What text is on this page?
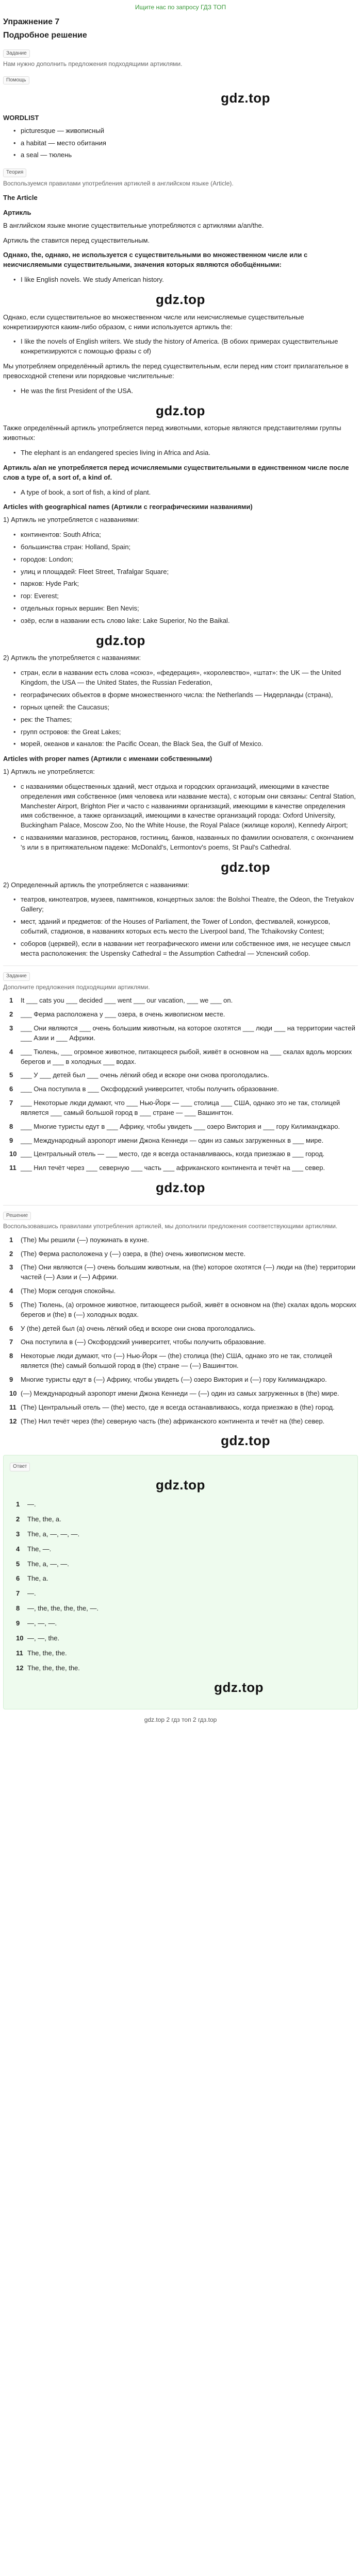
Ищите нас по запросу ГДЗ ТОП
Упражнение 7
Подробное решение
Задание
Нам нужно дополнить предложения подходящими артиклями.
Помощь
gdz.top
WORDLIST
• picturesque — живописный
• a habitat — место обитания
• a seal — тюлень
Теория
Воспользуемся правилами употребления артиклей в английском языке (Article).
The Article
Артикль

В английском языке многие существительные употребляются с артиклями a/an/the.

Артикль the ставится перед существительным.

Однако, the, однако, не используется с существительными во множественном числе или с неисчисляемыми существительными, значения которых являются обобщёнными:

• I like English novels. We study American history.
gdz.top

Однако, если существительное во множественном числе или неисчисляемые существительные конкретизируются каким-либо образом, с ними используется артикль the:

• I like the novels of English writers. We study the history of America. (В обоих примерах существительные конкретизируются с помощью фразы с of)

Мы употребляем определённый артикль the перед существительным, если перед ним стоит прилагательное в превосходной степени или порядковые числительные:

• He was the first President of the USA.
gdz.top

Также определённый артикль употребляется перед животными, которые являются представителями группы животных:

• The elephant is an endangered species living in Africa and Asia.

Артикль a/an не употребляется перед исчисляемыми существительными в единственном числе после слов a type of, a sort of, a kind of.

• A type of book, a sort of fish, a kind of plant.
Articles with geographical names (Артикли с географическими названиями)

1) Артикль не употребляется с названиями:

• континентов: South Africa;
• большинства стран: Holland, Spain;
• городов: London;
• улиц и площадей: Fleet Street, Trafalgar Square;
• парков: Hyde Park;
• гор: Everest;
• отдельных горных вершин: Ben Nevis;
• озёр, если в названии есть слово lake: Lake Superior, No the Baikal.
gdz.top

2) Артикль the употребляется с названиями:

• стран, если в названии есть слова «союз», «федерация», «королевство», «штат»: the UK — the United Kingdom, the USA — the United States, the Russian Federation,
• географических объектов в форме множественного числа: the Netherlands — Нидерланды (страна),
• горных цепей: the Caucasus;
• рек: the Thames;
• групп островов: the Great Lakes;
• морей, океанов и каналов: the Pacific Ocean, the Black Sea, the Gulf of Mexico.
Articles with proper names (Артикли с именами собственными)

1) Артикль не употребляется:

• с названиями общественных зданий, мест отдыха и городских организаций, имеющими в качестве определения имя собственное (имя человека или название места), с которым они связаны: Central Station, Manchester Airport, Brighton Pier и часто с названиями организаций, имеющими в качестве определения имя собственное, а также организаций, имеющими в качестве организаций города: Oxford University, Buckingham Palace, Moscow Zoo, No the White House, the Royal Palace (жилище короля), Kennedy Airport;
• с названиями магазинов, ресторанов, гостиниц, банков, названных по фамилии основателя, с окончанием 's или s в притяжательном падеже: McDonald's, Lermontov's poems, St Paul's Cathedral.
gdz.top

2) Определенный артикль the употребляется с названиями:

• театров, кинотеатров, музеев, памятников, концертных залов: the Bolshoi Theatre, the Odeon, the Tretyakov Gallery;
• мест, зданий и предметов: of the Houses of Parliament, the Tower of London, фестивалей, конкурсов, событий, стадионов, в названиях которых есть место the Liverpool band, The Tchaikovsky Contest;
• соборов (церквей), если в названии нет географического имени или собственное имя, не несущее смысл места расположения: the Uspensky Cathedral = the Assumption Cathedral — Успенский собор.
Задание
Дополните предложения подходящими артиклями.
1 It ___ cats you ___ decided ___ went ___ our vacation, ___ we ___ on.
2 ___ Ферма расположена у ___ озера, в очень живописном месте.
3 ___ Они являются ___ очень большим животным, на которое охотятся ___ люди ___ на территории частей ___ Азии и ___ Африки.
4 ___ Тюлень, ___ огромное животное, питающееся рыбой, живёт в основном на ___ скалах вдоль морских берегов и ___ в холодных ___ водах.
5 ___ У ___ детей был ___ очень лёгкий обед и вскоре они снова проголодались.
6 ___ Она поступила в ___ Оксфордский университет, чтобы получить образование.
7 ___ Некоторые люди думают, что ___ Нью-Йорк — ___ столица ___ США, однако это не так, столицей является ___ самый большой город в ___ стране — ___ Вашингтон.
8 ___ Многие туристы едут в ___ Африку, чтобы увидеть ___ озеро Виктория и ___ гору Килиманджаро.
9 ___ Международный аэропорт имени Джона Кеннеди — один из самых загруженных в ___ мире.
10 ___ Центральный отель — ___ место, где я всегда останавливаюсь, когда приезжаю в ___ город.
11 ___ Нил течёт через ___ северную ___ часть ___ африканского континента и течёт на ___ север.
gdz.top
Решение
Воспользовавшись правилами употребления артиклей, мы дополнили предложения соответствующими артиклями.
1 (The) Мы решили (—) поужинать в кухне.
2 (The) Ферма расположена у (—) озера, в (the) очень живописном месте.
3 (The) Они являются (—) очень большим животным, на (the) которое охотятся (—) люди на (the) территории частей (—) Азии и (—) Африки.
4 (The) Морж сегодня спокойны.
5 (The) Тюлень, (a) огромное животное, питающееся рыбой, живёт в основном на (the) скалах вдоль морских берегов и (the) в (—) холодных водах.
6 У (the) детей был (a) очень лёгкий обед и вскоре они снова проголодались.
7 Она поступила в (—) Оксфордский университет, чтобы получить образование.
8 Некоторые люди думают, что (—) Нью-Йорк — (the) столица (the) США, однако это не так, столицей является (the) самый большой город в (the) стране — (—) Вашингтон.
9 Многие туристы едут в (—) Африку, чтобы увидеть (—) озеро Виктория и (—) гору Килиманджаро.
10 (—) Международный аэропорт имени Джона Кеннеди — (—) один из самых загруженных в (the) мире.
11 (The) Центральный отель — (the) место, где я всегда останавливаюсь, когда приезжаю в (the) город.
12 (The) Нил течёт через (the) северную часть (the) африканского континента и течёт на (the) север.
gdz.top
Ответ
gdz.top
1 —.
2 The, the, a.
3 The, a, —, —, —.
4 The, —.
5 The, a, —, —.
6 The, a.
7 —.
8 —, the, the, the, the, —.
9 —, —, —.
10 —, —, the.
11 The, the, the.
12 The, the, the, the.
gdz.top
gdz.top 2 гдз топ 2 гдз.top
